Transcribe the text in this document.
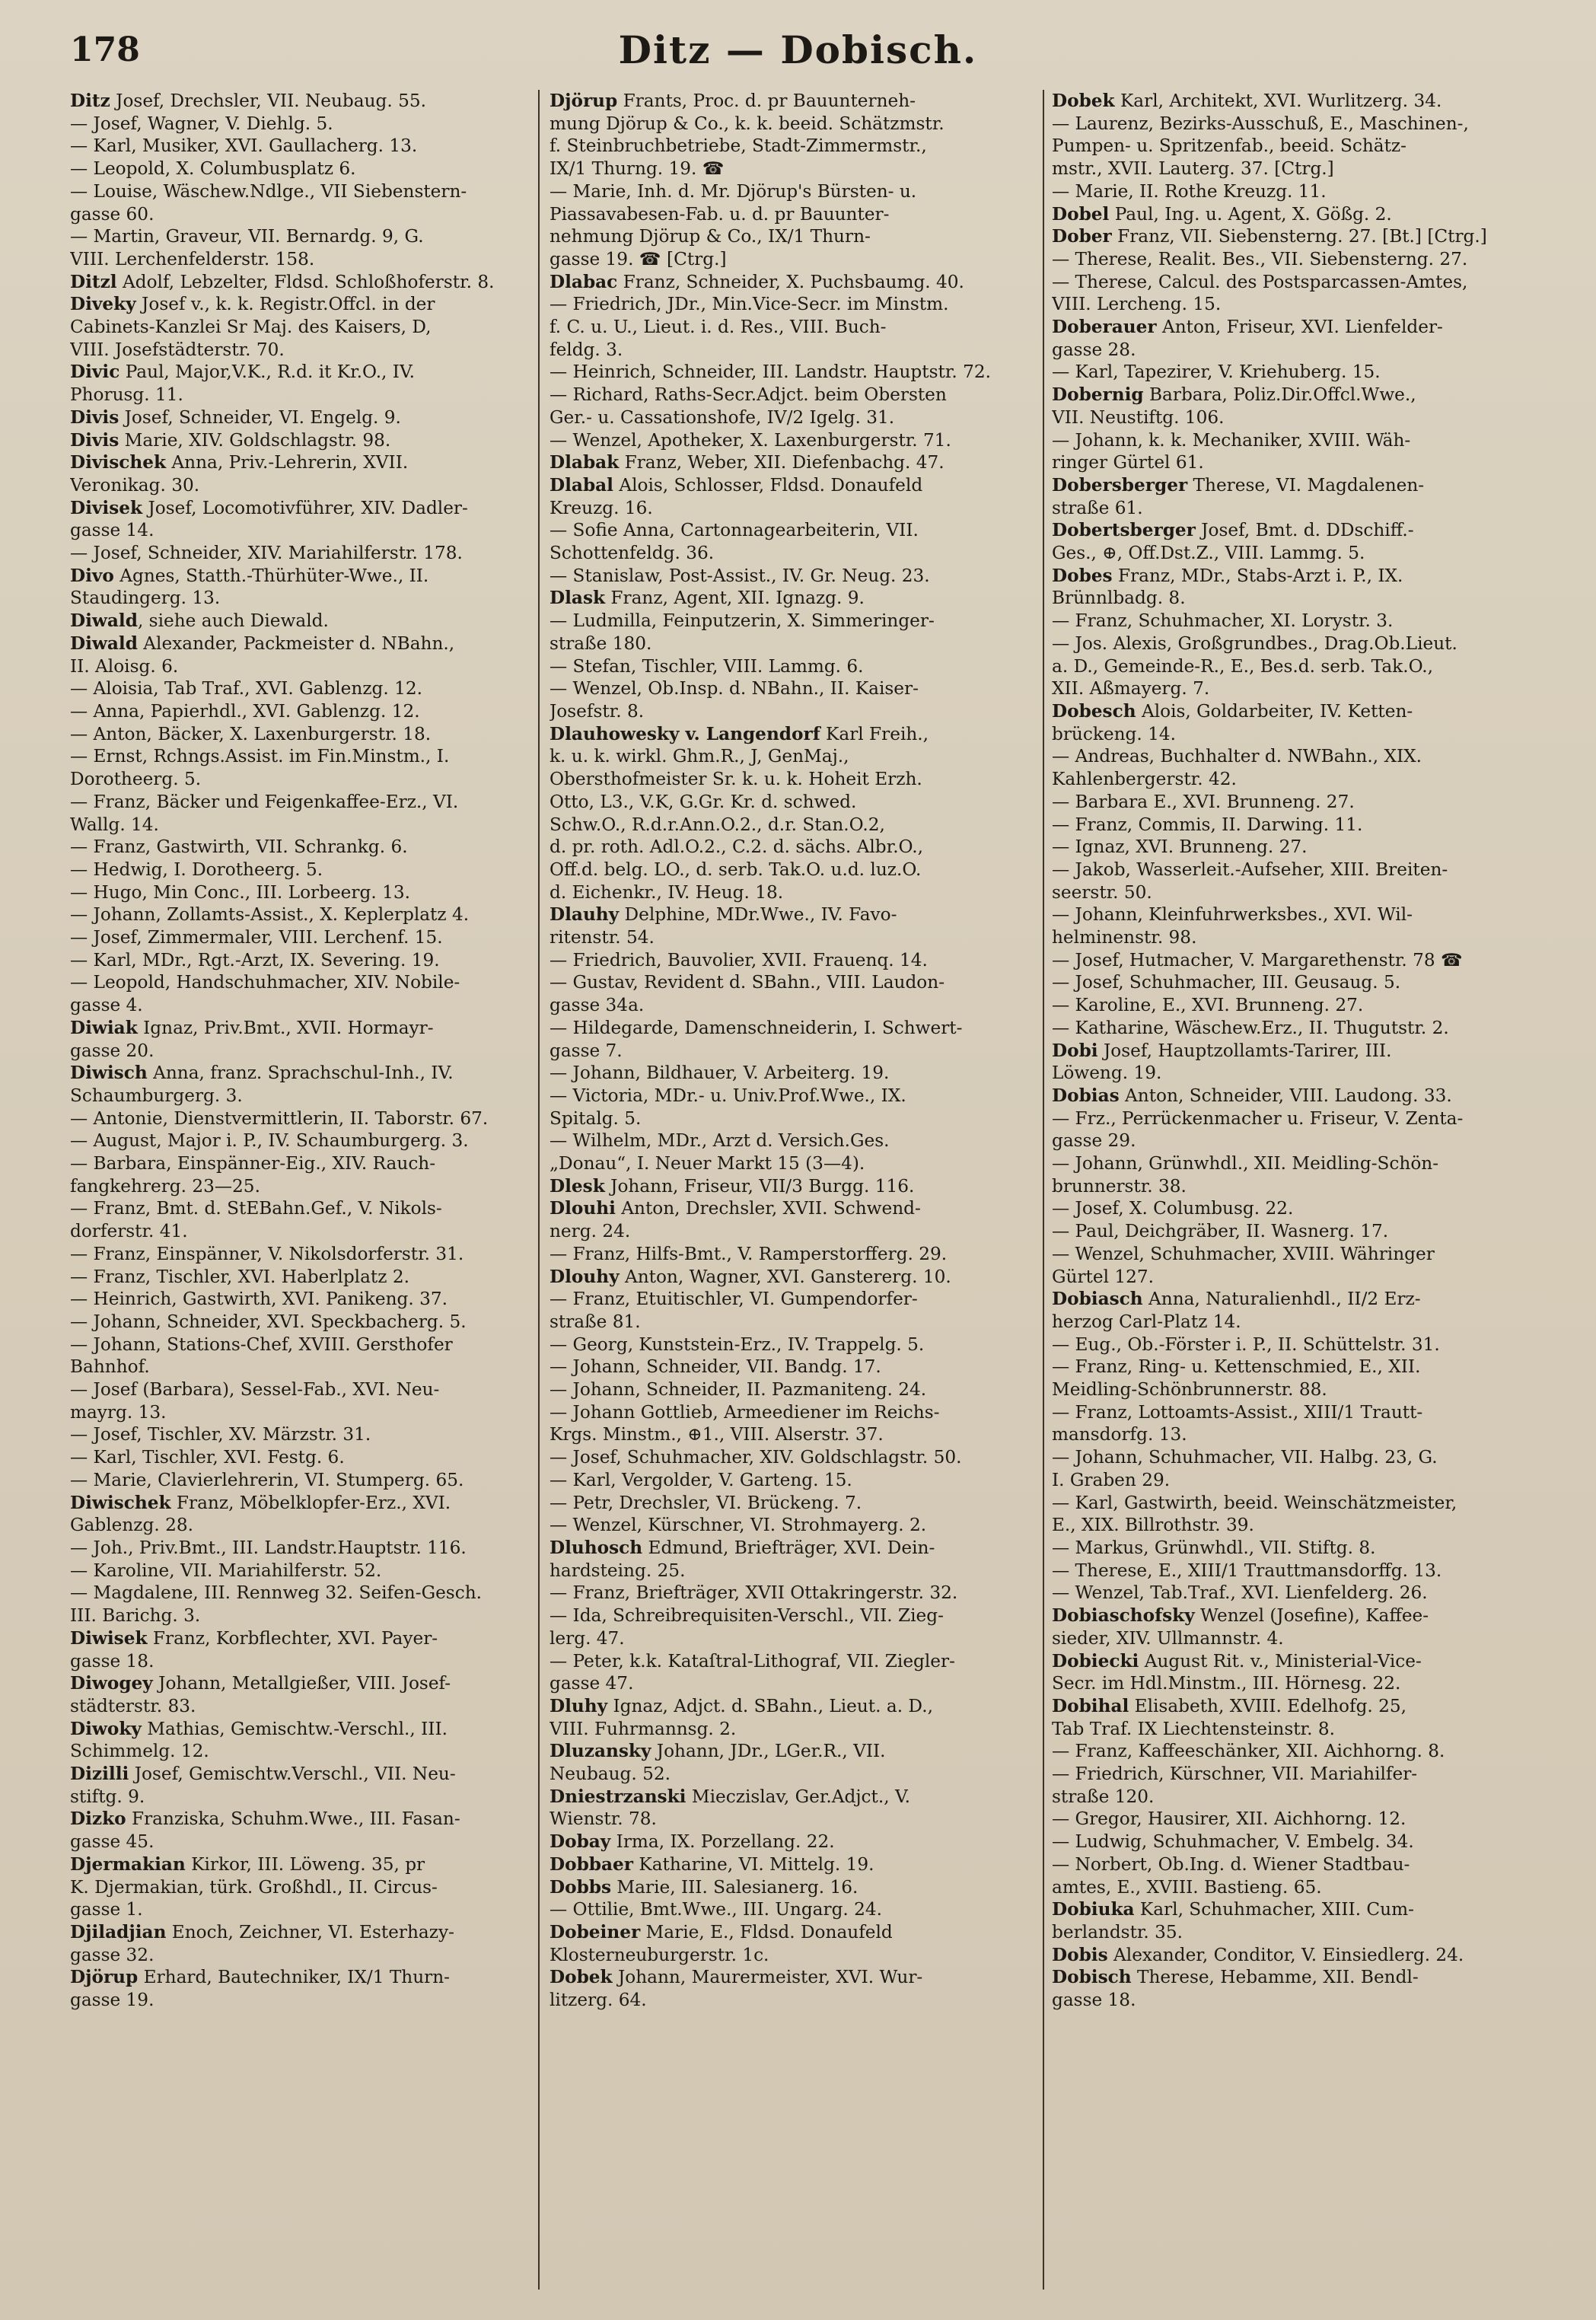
178	Ditz — Dobisch.
Ditz Josef, Drechsler, VII. Neubaug. 55.
— Josef, Wagner, V. Diehlg. 5.
— Karl, Musiker, XVI. Gaullacherg. 13.
— Leopold, X. Columbusplatz 6.
— Louise, Wäschew.Ndlge., VII Siebenstern-
gasse 60.
— Martin, Graveur, VII. Bernardg. 9, G.
VIII. Lerchenfelderstr. 158.
Ditzl Adolf, Lebzelter, Fldsd. Schloßhoferstr. 8.
Diveky Josef v., k. k. Registr.Offcl. in der
Cabinets-Kanzlei Sr Maj. des Kaisers, D,
VIII. Josefstädterstr. 70.
Divic Paul, Major,V.K., R.d. it Kr.O., IV.
Phorusg. 11.
Divis Josef, Schneider, VI. Engelg. 9.
Divis Marie, XIV. Goldschlagstr. 98.
Divischek Anna, Priv.-Lehrerin, XVII.
Veronikag. 30.
Divisek Josef, Locomotivführer, XIV. Dadler-
gasse 14.
— Josef, Schneider, XIV. Mariahilferstr. 178.
Divo Agnes, Statth.-Thürhüter-Wwe., II.
Staudingerg. 13.
Diwald, siehe auch Diewald.
Diwald Alexander, Packmeister d. NBahn.,
II. Aloisg. 6.
— Aloisia, Tab Traf., XVI. Gablenzg. 12.
— Anna, Papierhdl., XVI. Gablenzg. 12.
— Anton, Bäcker, X. Laxenburgerstr. 18.
— Ernst, Rchngs.Assist. im Fin.Minstm., I.
Dorotheerg. 5.
— Franz, Bäcker und Feigenkaffee-Erz., VI.
Wallg. 14.
— Franz, Gastwirth, VII. Schrankg. 6.
— Hedwig, I. Dorotheerg. 5.
— Hugo, Min Conc., III. Lorbeerg. 13.
— Johann, Zollamts-Assist., X. Keplerplatz 4.
— Josef, Zimmermaler, VIII. Lerchenf. 15.
— Karl, MDr., Rgt.-Arzt, IX. Severing. 19.
— Leopold, Handschuhmacher, XIV. Nobile-
gasse 4.
Diwiak Ignaz, Priv.Bmt., XVII. Hormayr-
gasse 20.
Diwisch Anna, franz. Sprachschul-Inh., IV.
Schaumburgerg. 3.
— Antonie, Dienstvermittlerin, II. Taborstr. 67.
— August, Major i. P., IV. Schaumburgerg. 3.
— Barbara, Einspänner-Eig., XIV. Rauch-
fangkehrerg. 23—25.
— Franz, Bmt. d. StEBahn.Gef., V. Nikols-
dorferstr. 41.
— Franz, Einspänner, V. Nikolsdorferstr. 31.
— Franz, Tischler, XVI. Haberlplatz 2.
— Heinrich, Gastwirth, XVI. Panikeng. 37.
— Johann, Schneider, XVI. Speckbacherg. 5.
— Johann, Stations-Chef, XVIII. Gersthofer
Bahnhof.
— Josef (Barbara), Sessel-Fab., XVI. Neu-
mayrg. 13.
— Josef, Tischler, XV. Märzstr. 31.
— Karl, Tischler, XVI. Festg. 6.
— Marie, Clavierlehrerin, VI. Stumperg. 65.
Diwischek Franz, Möbelklopfer-Erz., XVI.
Gablenzg. 28.
— Joh., Priv.Bmt., III. Landstr.Hauptstr. 116.
— Karoline, VII. Mariahilferstr. 52.
— Magdalene, III. Rennweg 32. Seifen-Gesch.
III. Barichg. 3.
Diwisek Franz, Korbflechter, XVI. Payer-
gasse 18.
Diwogey Johann, Metallgießer, VIII. Josef-
städterstr. 83.
Diwoky Mathias, Gemischtw.-Verschl., III.
Schimmelg. 12.
Dizilli Josef, Gemischtw.Verschl., VII. Neu-
stiftg. 9.
Dizko Franziska, Schuhm.Wwe., III. Fasan-
gasse 45.
Djermakian Kirkor, III. Löweng. 35, pr
K. Djermakian, türk. Großhdl., II. Circus-
gasse 1.
Djiladjian Enoch, Zeichner, VI. Esterhazy-
gasse 32.
Djörup Erhard, Bautechniker, IX/1 Thurn-
gasse 19.
Djörup Frants, Proc. d. pr Bauunterneh-
mung Djörup & Co., k. k. beeid. Schätzmstr.
f. Steinbruchbetriebe, Stadt-Zimmermstr.,
IX/1 Thurng. 19. ☎
— Marie, Inh. d. Mr. Djörup's Bürsten- u.
Piassavabesen-Fab. u. d. pr Bauunter-
nehmung Djörup & Co., IX/1 Thurn-
gasse 19. ☎ [Ctrg.]
Dlabac Franz, Schneider, X. Puchsbaumg. 40.
— Friedrich, JDr., Min.Vice-Secr. im Minstm.
f. C. u. U., Lieut. i. d. Res., VIII. Buch-
feldg. 3.
— Heinrich, Schneider, III. Landstr. Hauptstr. 72.
— Richard, Raths-Secr.Adjct. beim Obersten
Ger.- u. Cassationshofe, IV/2 Igelg. 31.
— Wenzel, Apotheker, X. Laxenburgerstr. 71.
Dlabak Franz, Weber, XII. Diefenbachg. 47.
Dlabal Alois, Schlosser, Fldsd. Donaufeld
Kreuzg. 16.
— Sofie Anna, Cartonnagearbeiterin, VII.
Schottenfeldg. 36.
— Stanislaw, Post-Assist., IV. Gr. Neug. 23.
Dlask Franz, Agent, XII. Ignazg. 9.
— Ludmilla, Feinputzerin, X. Simmeringer-
straße 180.
— Stefan, Tischler, VIII. Lammg. 6.
— Wenzel, Ob.Insp. d. NBahn., II. Kaiser-
Josefstr. 8.
Dlauhowesky v. Langendorf Karl Freih.,
k. u. k. wirkl. Ghm.R., J, GenMaj.,
Obersthofmeister Sr. k. u. k. Hoheit Erzh.
Otto, L3., V.K, G.Gr. Kr. d. schwed.
Schw.O., R.d.r.Ann.O.2., d.r. Stan.O.2,
d. pr. roth. Adl.O.2., C.2. d. sächs. Albr.O.,
Off.d. belg. LO., d. serb. Tak.O. u.d. luz.O.
d. Eichenkr., IV. Heug. 18.
Dlauhy Delphine, MDr.Wwe., IV. Favo-
ritenstr. 54.
— Friedrich, Bauvolier, XVII. Frauenq. 14.
— Gustav, Revident d. SBahn., VIII. Laudon-
gasse 34a.
— Hildegarde, Damenschneiderin, I. Schwert-
gasse 7.
— Johann, Bildhauer, V. Arbeiterg. 19.
— Victoria, MDr.- u. Univ.Prof.Wwe., IX.
Spitalg. 5.
— Wilhelm, MDr., Arzt d. Versich.Ges.
„Donau“, I. Neuer Markt 15 (3—4).
Dlesk Johann, Friseur, VII/3 Burgg. 116.
Dlouhi Anton, Drechsler, XVII. Schwend-
nerg. 24.
— Franz, Hilfs-Bmt., V. Ramperstorfferg. 29.
Dlouhy Anton, Wagner, XVI. Ganstererg. 10.
— Franz, Etuitischler, VI. Gumpendorfer-
straße 81.
— Georg, Kunststein-Erz., IV. Trappelg. 5.
— Johann, Schneider, VII. Bandg. 17.
— Johann, Schneider, II. Pazmaniteng. 24.
— Johann Gottlieb, Armeediener im Reichs-
Krgs. Minstm., ⊕1., VIII. Alserstr. 37.
— Josef, Schuhmacher, XIV. Goldschlagstr. 50.
— Karl, Vergolder, V. Garteng. 15.
— Petr, Drechsler, VI. Brückeng. 7.
— Wenzel, Kürschner, VI. Strohmayerg. 2.
Dluhosch Edmund, Briefträger, XVI. Dein-
hardsteing. 25.
— Franz, Briefträger, XVII Ottakringerstr. 32.
— Ida, Schreibrequisiten-Verschl., VII. Zieg-
lerg. 47.
— Peter, k.k. Kataſtral-Lithograf, VII. Ziegler-
gasse 47.
Dluhy Ignaz, Adjct. d. SBahn., Lieut. a. D.,
VIII. Fuhrmannsg. 2.
Dluzansky Johann, JDr., LGer.R., VII.
Neubaug. 52.
Dniestrzanski Mieczislav, Ger.Adjct., V.
Wienstr. 78.
Dobay Irma, IX. Porzellang. 22.
Dobbaer Katharine, VI. Mittelg. 19.
Dobbs Marie, III. Salesianerg. 16.
— Ottilie, Bmt.Wwe., III. Ungarg. 24.
Dobeiner Marie, E., Fldsd. Donaufeld
Klosterneuburgerstr. 1c.
Dobek Johann, Maurermeister, XVI. Wur-
litzerg. 64.
Dobek Karl, Architekt, XVI. Wurlitzerg. 34.
— Laurenz, Bezirks-Ausschuß, E., Maschinen-,
Pumpen- u. Spritzenfab., beeid. Schätz-
mstr., XVII. Lauterg. 37. [Ctrg.]
— Marie, II. Rothe Kreuzg. 11.
Dobel Paul, Ing. u. Agent, X. Gößg. 2.
Dober Franz, VII. Siebensterng. 27. [Bt.] [Ctrg.]
— Therese, Realit. Bes., VII. Siebensterng. 27.
— Therese, Calcul. des Postsparcassen-Amtes,
VIII. Lercheng. 15.
Doberauer Anton, Friseur, XVI. Lienfelder-
gasse 28.
— Karl, Tapezirer, V. Kriehuberg. 15.
Dobernig Barbara, Poliz.Dir.Offcl.Wwe.,
VII. Neustiftg. 106.
— Johann, k. k. Mechaniker, XVIII. Wäh-
ringer Gürtel 61.
Dobersberger Therese, VI. Magdalenen-
straße 61.
Dobertsberger Josef, Bmt. d. DDschiff.-
Ges., ⊕, Off.Dst.Z., VIII. Lammg. 5.
Dobes Franz, MDr., Stabs-Arzt i. P., IX.
Brünnlbadg. 8.
— Franz, Schuhmacher, XI. Lorystr. 3.
— Jos. Alexis, Großgrundbes., Drag.Ob.Lieut.
a. D., Gemeinde-R., E., Bes.d. serb. Tak.O.,
XII. Aßmayerg. 7.
Dobesch Alois, Goldarbeiter, IV. Ketten-
brückeng. 14.
— Andreas, Buchhalter d. NWBahn., XIX.
Kahlenbergerstr. 42.
— Barbara E., XVI. Brunneng. 27.
— Franz, Commis, II. Darwing. 11.
— Ignaz, XVI. Brunneng. 27.
— Jakob, Wasserleit.-Aufseher, XIII. Breiten-
seerstr. 50.
— Johann, Kleinfuhrwerksbes., XVI. Wil-
helminenstr. 98.
— Josef, Hutmacher, V. Margarethenstr. 78 ☎
— Josef, Schuhmacher, III. Geusaug. 5.
— Karoline, E., XVI. Brunneng. 27.
— Katharine, Wäschew.Erz., II. Thugutstr. 2.
Dobi Josef, Hauptzollamts-Tarirer, III.
Löweng. 19.
Dobias Anton, Schneider, VIII. Laudong. 33.
— Frz., Perrückenmacher u. Friseur, V. Zenta-
gasse 29.
— Johann, Grünwhdl., XII. Meidling-Schön-
brunnerstr. 38.
— Josef, X. Columbusg. 22.
— Paul, Deichgräber, II. Wasnerg. 17.
— Wenzel, Schuhmacher, XVIII. Währinger
Gürtel 127.
Dobiasch Anna, Naturalienhdl., II/2 Erz-
herzog Carl-Platz 14.
— Eug., Ob.-Förster i. P., II. Schüttelstr. 31.
— Franz, Ring- u. Kettenschmied, E., XII.
Meidling-Schönbrunnerstr. 88.
— Franz, Lottoamts-Assist., XIII/1 Trautt-
mansdorfg. 13.
— Johann, Schuhmacher, VII. Halbg. 23, G.
I. Graben 29.
— Karl, Gastwirth, beeid. Weinschätzmeister,
E., XIX. Billrothstr. 39.
— Markus, Grünwhdl., VII. Stiftg. 8.
— Therese, E., XIII/1 Trauttmansdorffg. 13.
— Wenzel, Tab.Traf., XVI. Lienfelderg. 26.
Dobiaschofsky Wenzel (Josefine), Kaffee-
sieder, XIV. Ullmannstr. 4.
Dobiecki August Rit. v., Ministerial-Vice-
Secr. im Hdl.Minstm., III. Hörnesg. 22.
Dobihal Elisabeth, XVIII. Edelhofg. 25,
Tab Traf. IX Liechtensteinstr. 8.
— Franz, Kaffeeschänker, XII. Aichhorng. 8.
— Friedrich, Kürschner, VII. Mariahilfer-
straße 120.
— Gregor, Hausirer, XII. Aichhorng. 12.
— Ludwig, Schuhmacher, V. Embelg. 34.
— Norbert, Ob.Ing. d. Wiener Stadtbau-
amtes, E., XVIII. Bastieng. 65.
Dobiuka Karl, Schuhmacher, XIII. Cum-
berlandstr. 35.
Dobis Alexander, Conditor, V. Einsiedlerg. 24.
Dobisch Therese, Hebamme, XII. Bendl-
gasse 18.
